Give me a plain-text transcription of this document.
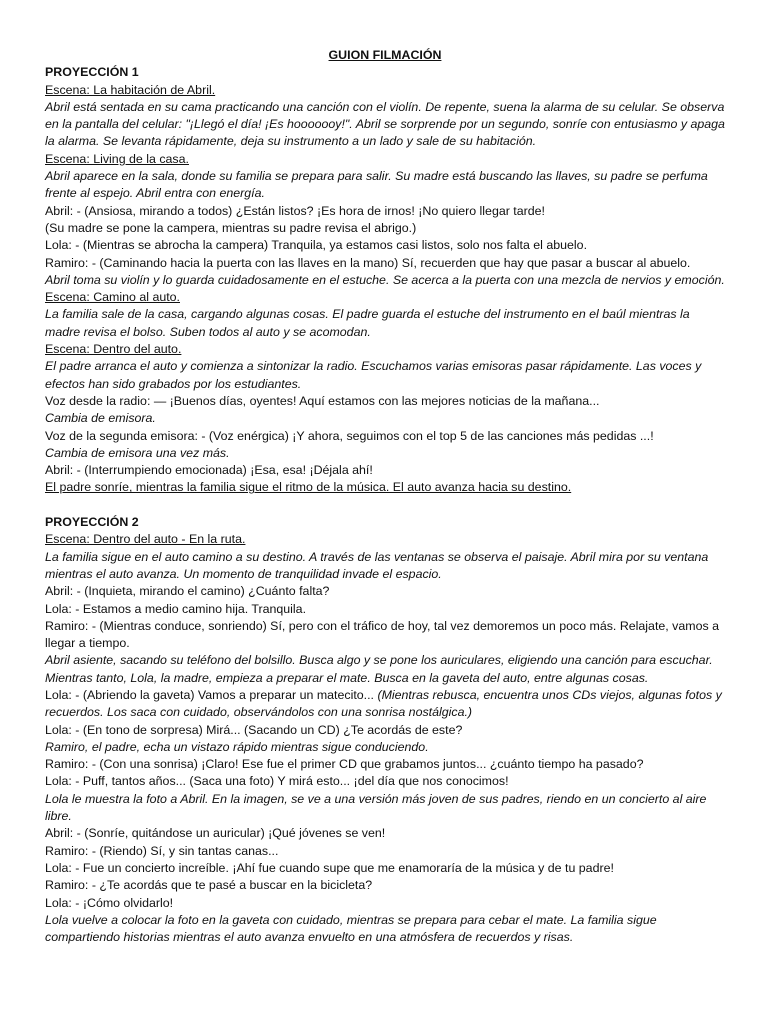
GUION FILMACIÓN

PROYECCIÓN 1

Escena: La habitación de Abril.

Abril está sentada en su cama practicando una canción con el violín. De repente, suena la alarma de su celular. Se observa en la pantalla del celular: "¡Llegó el día! ¡Es hooooooy!". Abril se sorprende por un segundo, sonríe con entusiasmo y apaga la alarma. Se levanta rápidamente, deja su instrumento a un lado y sale de su habitación.

Escena: Living de la casa.

Abril aparece en la sala, donde su familia se prepara para salir. Su madre está buscando las llaves, su padre se perfuma frente al espejo. Abril entra con energía.

Abril: - (Ansiosa, mirando a todos) ¿Están listos? ¡Es hora de irnos! ¡No quiero llegar tarde!

(Su madre se pone la campera, mientras su padre revisa el abrigo.)

Lola: - (Mientras se abrocha la campera) Tranquila, ya estamos casi listos, solo nos falta el abuelo.

Ramiro: - (Caminando hacia la puerta con las llaves en la mano) Sí, recuerden que hay que pasar a buscar al abuelo.

Abril toma su violín y lo guarda cuidadosamente en el estuche. Se acerca a la puerta con una mezcla de nervios y emoción.

Escena: Camino al auto.

La familia sale de la casa, cargando algunas cosas. El padre guarda el estuche del instrumento en el baúl mientras la madre revisa el bolso. Suben todos al auto y se acomodan.

Escena: Dentro del auto.

El padre arranca el auto y comienza a sintonizar la radio. Escuchamos varias emisoras pasar rápidamente. Las voces y efectos han sido grabados por los estudiantes.

Voz desde la radio: — ¡Buenos días, oyentes! Aquí estamos con las mejores noticias de la mañana...

Cambia de emisora.

Voz de la segunda emisora: - (Voz enérgica) ¡Y ahora, seguimos con el top 5 de las canciones más pedidas ...!

Cambia de emisora una vez más.

Abril: - (Interrumpiendo emocionada) ¡Esa, esa! ¡Déjala ahí!

El padre sonríe, mientras la familia sigue el ritmo de la música. El auto avanza hacia su destino.

PROYECCIÓN 2

Escena: Dentro del auto - En la ruta.

La familia sigue en el auto camino a su destino. A través de las ventanas se observa el paisaje. Abril mira por su ventana mientras el auto avanza. Un momento de tranquilidad invade el espacio.

Abril: - (Inquieta, mirando el camino) ¿Cuánto falta?

Lola: - Estamos a medio camino hija. Tranquila.

Ramiro: - (Mientras conduce, sonriendo) Sí, pero con el tráfico de hoy, tal vez demoremos un poco más. Relajate, vamos a llegar a tiempo.

Abril asiente, sacando su teléfono del bolsillo. Busca algo y se pone los auriculares, eligiendo una canción para escuchar. Mientras tanto, Lola, la madre, empieza a preparar el mate. Busca en la gaveta del auto, entre algunas cosas.

Lola: - (Abriendo la gaveta) Vamos a preparar un matecito... (Mientras rebusca, encuentra unos CDs viejos, algunas fotos y recuerdos. Los saca con cuidado, observándolos con una sonrisa nostálgica.)

Lola: - (En tono de sorpresa) Mirá... (Sacando un CD) ¿Te acordás de este?

Ramiro, el padre, echa un vistazo rápido mientras sigue conduciendo.

Ramiro: - (Con una sonrisa) ¡Claro! Ese fue el primer CD que grabamos juntos... ¿cuánto tiempo ha pasado?

Lola: - Puff, tantos años... (Saca una foto) Y mirá esto... ¡del día que nos conocimos!

Lola le muestra la foto a Abril. En la imagen, se ve a una versión más joven de sus padres, riendo en un concierto al aire libre.

Abril: - (Sonríe, quitándose un auricular) ¡Qué jóvenes se ven!

Ramiro: - (Riendo) Sí, y sin tantas canas...

Lola: - Fue un concierto increíble. ¡Ahí fue cuando supe que me enamoraría de la música y de tu padre!

Ramiro: - ¿Te acordás que te pasé a buscar en la bicicleta?

Lola: - ¡Cómo olvidarlo!

Lola vuelve a colocar la foto en la gaveta con cuidado, mientras se prepara para cebar el mate. La familia sigue compartiendo historias mientras el auto avanza envuelto en una atmósfera de recuerdos y risas.
